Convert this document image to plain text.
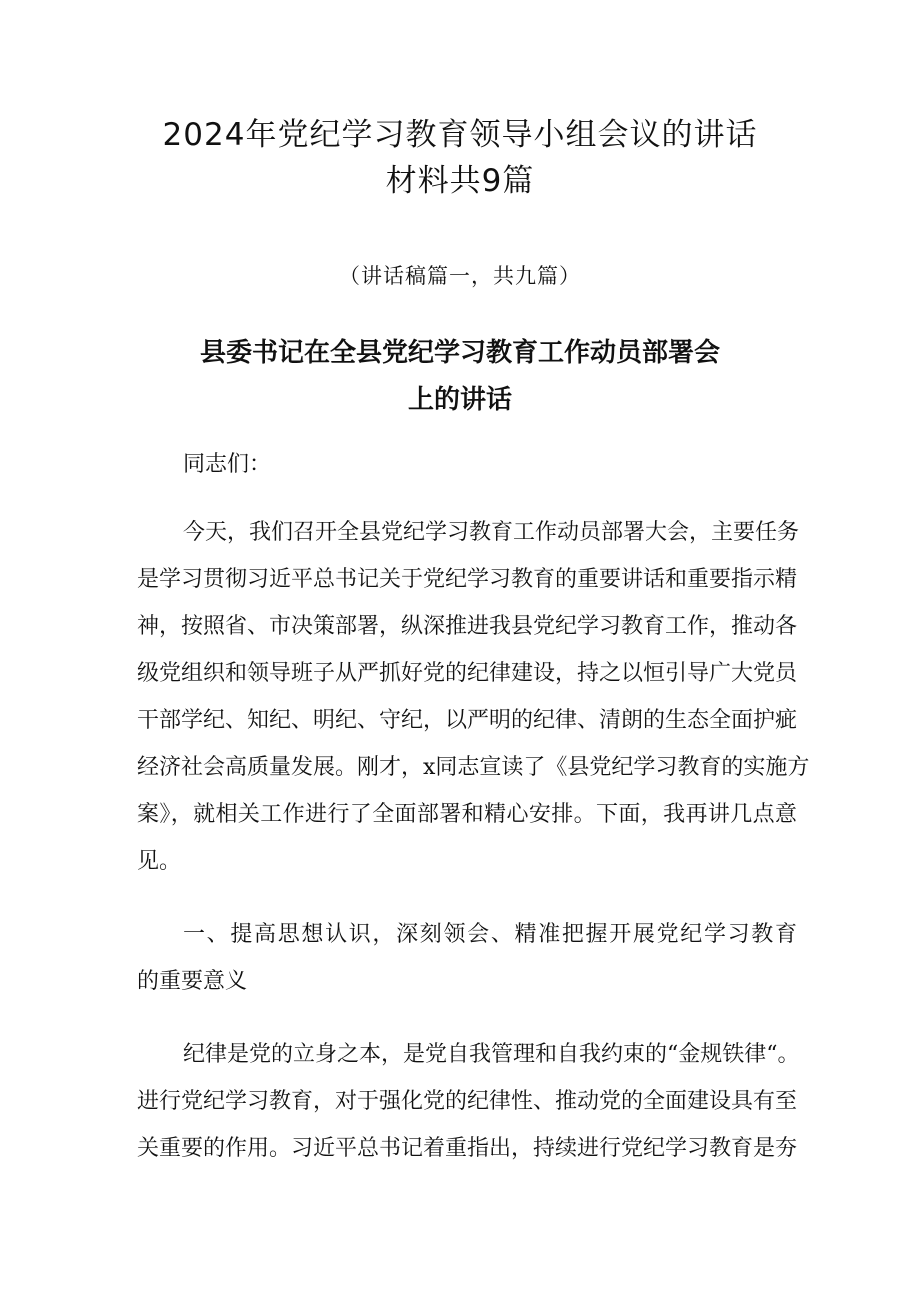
2024年党纪学习教育领导小组会议的讲话
材料共9篇

（讲话稿篇一，共九篇）

县委书记在全县党纪学习教育工作动员部署会
上的讲话

同志们：

今天，我们召开全县党纪学习教育工作动员部署大会，主要任务

是学习贯彻习近平总书记关于党纪学习教育的重要讲话和重要指示精

神，按照省、市决策部署，纵深推进我县党纪学习教育工作，推动各

级党组织和领导班子从严抓好党的纪律建设，持之以恒引导广大党员

干部学纪、知纪、明纪、守纪，以严明的纪律、清朗的生态全面护疵

经济社会高质量发展。刚才，x同志宣读了《县党纪学习教育的实施方

案》，就相关工作进行了全面部署和精心安排。下面，我再讲几点意

见。

一、提高思想认识，深刻领会、精准把握开展党纪学习教育

的重要意义

纪律是党的立身之本，是党自我管理和自我约束的“金规铁律“。

进行党纪学习教育，对于强化党的纪律性、推动党的全面建设具有至

关重要的作用。习近平总书记着重指出，持续进行党纪学习教育是夯
